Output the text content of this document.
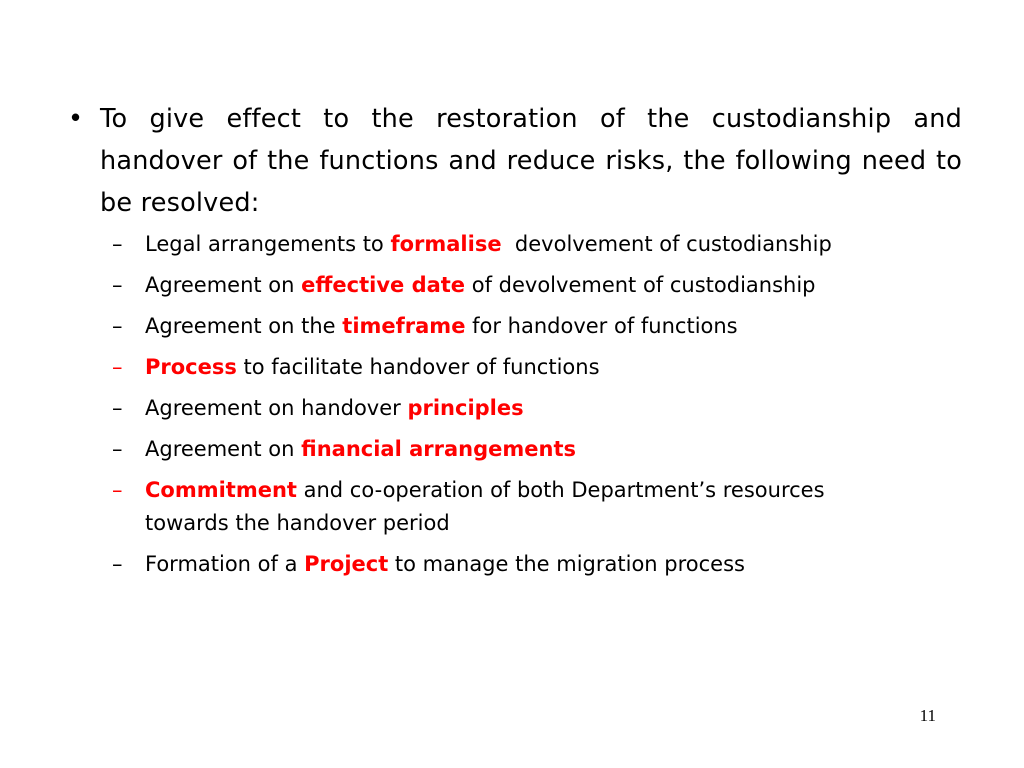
• To give effect to the restoration of the custodianship and handover of the functions and reduce risks, the following need to be resolved:
– Legal arrangements to formalise  devolvement of custodianship
– Agreement on effective date of devolvement of custodianship
– Agreement on the timeframe for handover of functions
– Process to facilitate handover of functions
– Agreement on handover principles
– Agreement on financial arrangements
– Commitment and co-operation of both Department’s resources towards the handover period
– Formation of a Project to manage the migration process
11
